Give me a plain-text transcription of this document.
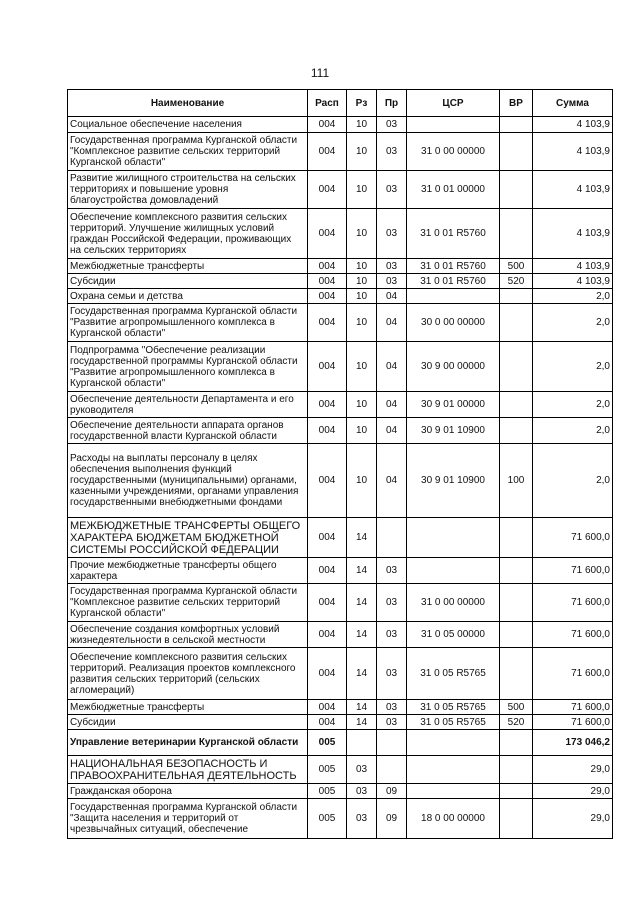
111
Наименование	Расп	Рз	Пр	ЦСР	ВР	Сумма
Социальное обеспечение населения	004	10	03			4 103,9
Государственная программа Курганской области "Комплексное развитие сельских территорий Курганской области"	004	10	03	31 0 00 00000		4 103,9
Развитие жилищного строительства на сельских территориях и повышение уровня благоустройства домовладений	004	10	03	31 0 01 00000		4 103,9
Обеспечение комплексного развития сельских территорий. Улучшение жилищных условий граждан Российской Федерации, проживающих на сельских территориях	004	10	03	31 0 01 R5760		4 103,9
Межбюджетные трансферты	004	10	03	31 0 01 R5760	500	4 103,9
Субсидии	004	10	03	31 0 01 R5760	520	4 103,9
Охрана семьи и детства	004	10	04			2,0
Государственная программа Курганской области "Развитие агропромышленного комплекса в Курганской области"	004	10	04	30 0 00 00000		2,0
Подпрограмма "Обеспечение реализации государственной программы Курганской области "Развитие агропромышленного комплекса в Курганской области"	004	10	04	30 9 00 00000		2,0
Обеспечение деятельности Департамента и его руководителя	004	10	04	30 9 01 00000		2,0
Обеспечение деятельности аппарата органов государственной власти Курганской области	004	10	04	30 9 01 10900		2,0
Расходы на выплаты персоналу в целях обеспечения выполнения функций государственными (муниципальными) органами, казенными учреждениями, органами управления государственными внебюджетными фондами	004	10	04	30 9 01 10900	100	2,0
МЕЖБЮДЖЕТНЫЕ ТРАНСФЕРТЫ ОБЩЕГО ХАРАКТЕРА БЮДЖЕТАМ БЮДЖЕТНОЙ СИСТЕМЫ РОССИЙСКОЙ ФЕДЕРАЦИИ	004	14				71 600,0
Прочие межбюджетные трансферты общего характера	004	14	03			71 600,0
Государственная программа Курганской области "Комплексное развитие сельских территорий Курганской области"	004	14	03	31 0 00 00000		71 600,0
Обеспечение создания комфортных условий жизнедеятельности в сельской местности	004	14	03	31 0 05 00000		71 600,0
Обеспечение комплексного развития сельских территорий. Реализация проектов комплексного развития сельских территорий (сельских агломераций)	004	14	03	31 0 05 R5765		71 600,0
Межбюджетные трансферты	004	14	03	31 0 05 R5765	500	71 600,0
Субсидии	004	14	03	31 0 05 R5765	520	71 600,0
Управление ветеринарии Курганской области	005					173 046,2
НАЦИОНАЛЬНАЯ БЕЗОПАСНОСТЬ И ПРАВООХРАНИТЕЛЬНАЯ ДЕЯТЕЛЬНОСТЬ	005	03				29,0
Гражданская оборона	005	03	09			29,0
Государственная программа Курганской области "Защита населения и территорий от чрезвычайных ситуаций, обеспечение	005	03	09	18 0 00 00000		29,0
